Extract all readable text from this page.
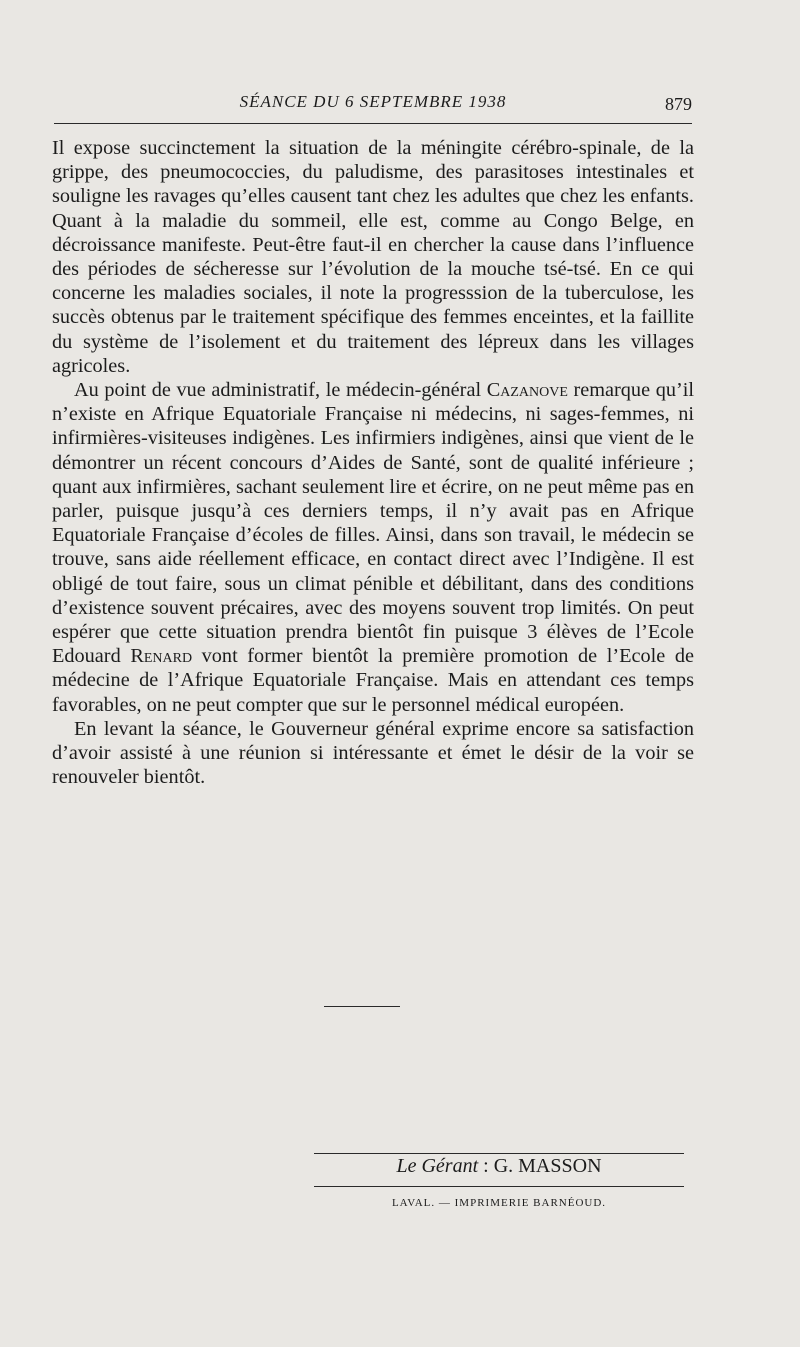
SÉANCE DU 6 SEPTEMBRE 1938	879

Il expose succinctement la situation de la méningite cérébro-spinale, de la grippe, des pneumococcies, du paludisme, des parasitoses intestinales et souligne les ravages qu’elles causent tant chez les adultes que chez les enfants. Quant à la maladie du sommeil, elle est, comme au Congo Belge, en décroissance manifeste. Peut-être faut-il en chercher la cause dans l’influence des périodes de sécheresse sur l’évolution de la mouche tsé-tsé. En ce qui concerne les maladies sociales, il note la progresssion de la tuberculose, les succès obtenus par le traitement spécifique des femmes enceintes, et la faillite du système de l’isolement et du traitement des lépreux dans les villages agricoles.

Au point de vue administratif, le médecin-général Cazanove remarque qu’il n’existe en Afrique Equatoriale Française ni médecins, ni sages-femmes, ni infirmières-visiteuses indigènes. Les infirmiers indigènes, ainsi que vient de le démontrer un récent concours d’Aides de Santé, sont de qualité inférieure ; quant aux infirmières, sachant seulement lire et écrire, on ne peut même pas en parler, puisque jusqu’à ces derniers temps, il n’y avait pas en Afrique Equatoriale Française d’écoles de filles. Ainsi, dans son travail, le médecin se trouve, sans aide réellement efficace, en contact direct avec l’Indigène. Il est obligé de tout faire, sous un climat pénible et débilitant, dans des conditions d’existence souvent précaires, avec des moyens souvent trop limités. On peut espérer que cette situation prendra bientôt fin puisque 3 élèves de l’Ecole Edouard Renard vont former bientôt la première promotion de l’Ecole de médecine de l’Afrique Equatoriale Française. Mais en attendant ces temps favorables, on ne peut compter que sur le personnel médical européen.

En levant la séance, le Gouverneur général exprime encore sa satisfaction d’avoir assisté à une réunion si intéressante et émet le désir de la voir se renouveler bientôt.

Le Gérant : G. MASSON
LAVAL. — IMPRIMERIE BARNÉOUD.
